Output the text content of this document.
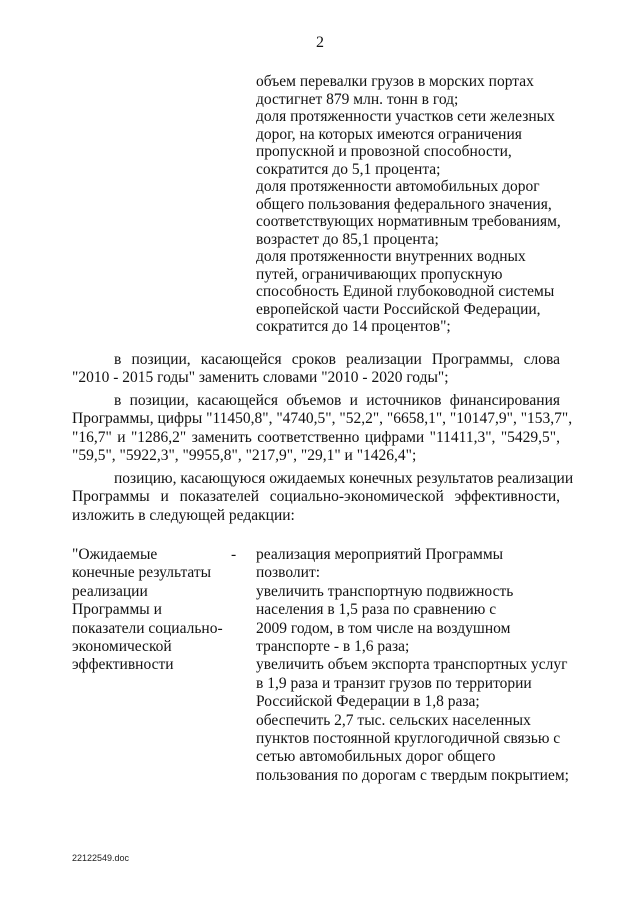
2
объем перевалки грузов в морских портах
достигнет 879 млн. тонн в год;
доля протяженности участков сети железных
дорог, на которых имеются ограничения
пропускной и провозной способности,
сократится до 5,1 процента;
доля протяженности автомобильных дорог
общего пользования федерального значения,
соответствующих нормативным требованиям,
возрастет до 85,1 процента;
доля протяженности внутренних водных
путей, ограничивающих пропускную
способность Единой глубоководной системы
европейской части Российской Федерации,
сократится до 14 процентов";
в позиции, касающейся сроков реализации Программы, слова
"2010 - 2015 годы" заменить словами "2010 - 2020 годы";
в позиции, касающейся объемов и источников финансирования
Программы, цифры "11450,8", "4740,5", "52,2", "6658,1", "10147,9", "153,7",
"16,7" и "1286,2" заменить соответственно цифрами "11411,3", "5429,5",
"59,5", "5922,3", "9955,8", "217,9", "29,1" и "1426,4";
позицию, касающуюся ожидаемых конечных результатов реализации
Программы и показателей социально-экономической эффективности,
изложить в следующей редакции:
"Ожидаемые
конечные результаты
реализации
Программы и
показатели социально-
экономической
эффективности
- реализация мероприятий Программы
позволит:
увеличить транспортную подвижность
населения в 1,5 раза по сравнению с
2009 годом, в том числе на воздушном
транспорте - в 1,6 раза;
увеличить объем экспорта транспортных услуг
в 1,9 раза и транзит грузов по территории
Российской Федерации в 1,8 раза;
обеспечить 2,7 тыс. сельских населенных
пунктов постоянной круглогодичной связью с
сетью автомобильных дорог общего
пользования по дорогам с твердым покрытием;
22122549.doc
